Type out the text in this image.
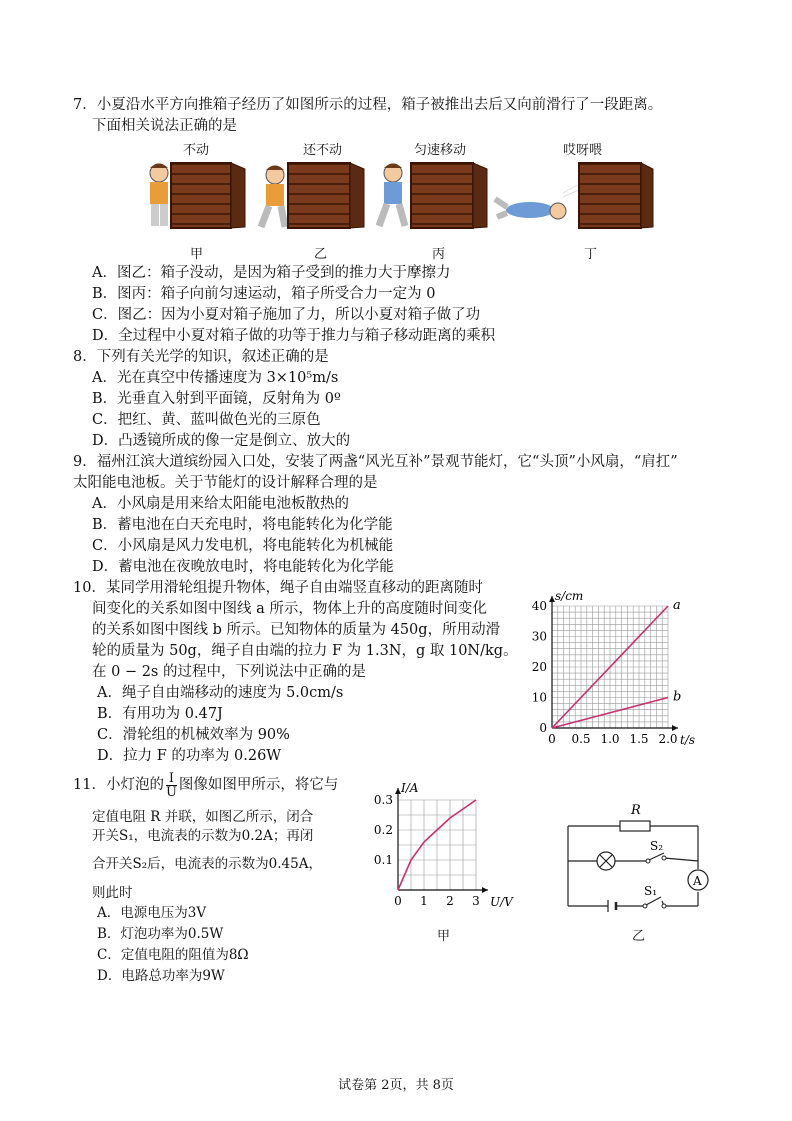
7．小夏沿水平方向推箱子经历了如图所示的过程，箱子被推出去后又向前滑行了一段距离。
下面相关说法正确的是
不动	还不动	匀速移动	哎呀喂
甲	乙	丙	丁
A．图乙：箱子没动，是因为箱子受到的推力大于摩擦力
B．图丙：箱子向前匀速运动，箱子所受合力一定为 0
C．图乙：因为小夏对箱子施加了力，所以小夏对箱子做了功
D．全过程中小夏对箱子做的功等于推力与箱子移动距离的乘积
8．下列有关光学的知识，叙述正确的是
A．光在真空中传播速度为 3×10⁵m/s
B．光垂直入射到平面镜，反射角为 0º
C．把红、黄、蓝叫做色光的三原色
D．凸透镜所成的像一定是倒立、放大的
9．福州江滨大道缤纷园入口处，安装了两盏“风光互补”景观节能灯，它“头顶”小风扇，“肩扛”
太阳能电池板。关于节能灯的设计解释合理的是
A．小风扇是用来给太阳能电池板散热的
B．蓄电池在白天充电时，将电能转化为化学能
C．小风扇是风力发电机，将电能转化为机械能
D．蓄电池在夜晚放电时，将电能转化为化学能
10．某同学用滑轮组提升物体，绳子自由端竖直移动的距离随时
间变化的关系如图中图线 a 所示，物体上升的高度随时间变化
的关系如图中图线 b 所示。已知物体的质量为 450g，所用动滑
轮的质量为 50g，绳子自由端的拉力 F 为 1.3N，g 取 10N/kg。
在 0 − 2s 的过程中，下列说法中正确的是
A．绳子自由端移动的速度为 5.0cm/s
B．有用功为 0.47J
C．滑轮组的机械效率为 90%
D．拉力 F 的功率为 0.26W
0 0.5 1.0 1.5 2.0
0
10
20
30
40
t/s
s/cm
a
b
11．小灯泡的 $\frac{I}{U}$ 图像如图甲所示，将它与
定值电阻 R 并联，如图乙所示，闭合
开关S₁，电流表的示数为0.2A；再闭
合开关S₂后，电流表的示数为0.45A，
则此时
A．电源电压为3V
B．灯泡功率为0.5W
C．定值电阻的阻值为8Ω
D．电路总功率为9W
0 1 2 3
0.1
0.2
0.3
U/V
I/A
甲
R
S₂
A
S₁
乙
试卷第 2页，共 8页
